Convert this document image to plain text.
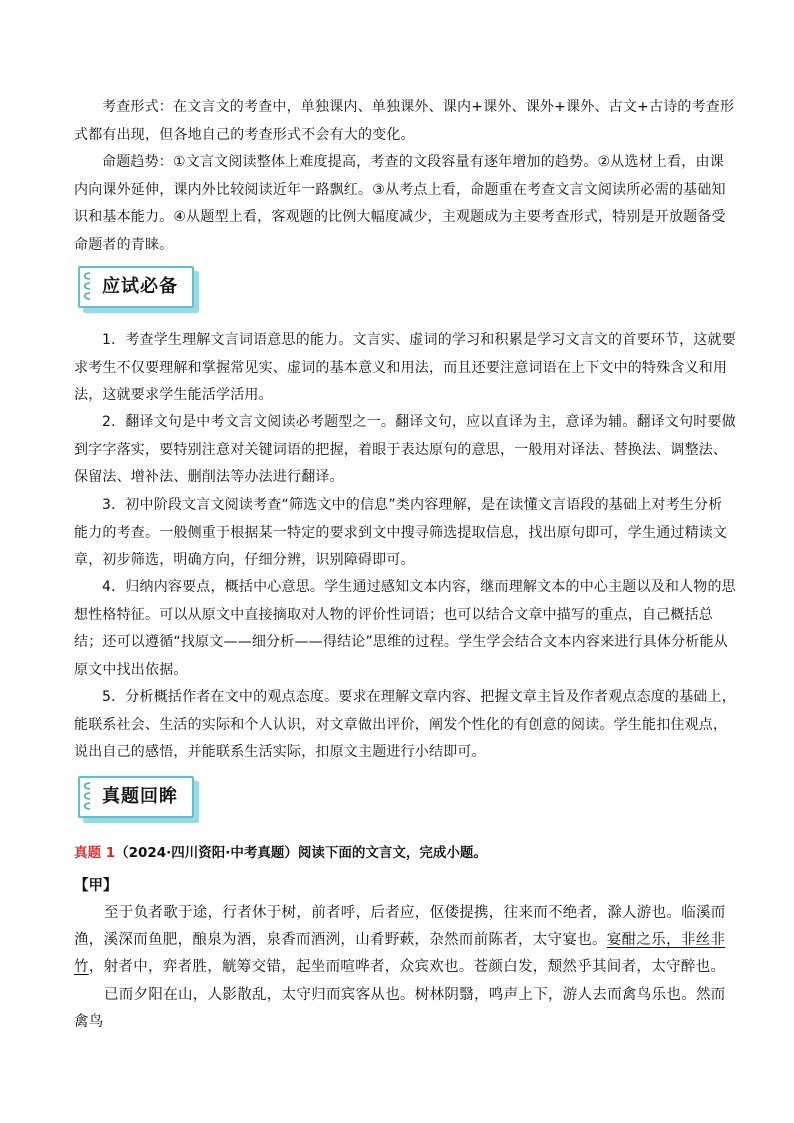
考查形式：在文言文的考查中，单独课内、单独课外、课内+课外、课外+课外、古文+古诗的考查形式都有出现，但各地自己的考查形式不会有大的变化。

命题趋势：①文言文阅读整体上难度提高，考查的文段容量有逐年增加的趋势。②从选材上看，由课内向课外延伸，课内外比较阅读近年一路飘红。③从考点上看，命题重在考查文言文阅读所必需的基础知识和基本能力。④从题型上看，客观题的比例大幅度减少，主观题成为主要考查形式，特别是开放题备受命题者的青睐。

应试必备

1．考查学生理解文言词语意思的能力。文言实、虚词的学习和积累是学习文言文的首要环节，这就要求考生不仅要理解和掌握常见实、虚词的基本意义和用法，而且还要注意词语在上下文中的特殊含义和用法，这就要求学生能活学活用。

2．翻译文句是中考文言文阅读必考题型之一。翻译文句，应以直译为主，意译为辅。翻译文句时要做到字字落实，要特别注意对关键词语的把握，着眼于表达原句的意思，一般用对译法、替换法、调整法、保留法、增补法、删削法等办法进行翻译。

3．初中阶段文言文阅读考查“筛选文中的信息”类内容理解，是在读懂文言语段的基础上对考生分析能力的考查。一般侧重于根据某一特定的要求到文中搜寻筛选提取信息，找出原句即可，学生通过精读文章，初步筛选，明确方向，仔细分辨，识别障碍即可。

4．归纳内容要点，概括中心意思。学生通过感知文本内容，继而理解文本的中心主题以及和人物的思想性格特征。可以从原文中直接摘取对人物的评价性词语；也可以结合文章中描写的重点，自己概括总结；还可以遵循“找原文——细分析——得结论”思维的过程。学生学会结合文本内容来进行具体分析能从原文中找出依据。

5．分析概括作者在文中的观点态度。要求在理解文章内容、把握文章主旨及作者观点态度的基础上，能联系社会、生活的实际和个人认识，对文章做出评价，阐发个性化的有创意的阅读。学生能扣住观点，说出自己的感悟，并能联系生活实际，扣原文主题进行小结即可。

真题回眸
真题 1（2024·四川资阳·中考真题）阅读下面的文言文，完成小题。
【甲】

至于负者歌于途，行者休于树，前者呼，后者应，伛偻提携，往来而不绝者，滁人游也。临溪而渔，溪深而鱼肥，酿泉为酒，泉香而酒洌，山肴野蔌，杂然而前陈者，太守宴也。宴酣之乐，非丝非竹，射者中，弈者胜，觥筹交错，起坐而喧哗者，众宾欢也。苍颜白发，颓然乎其间者，太守醉也。

已而夕阳在山，人影散乱，太守归而宾客从也。树林阴翳，鸣声上下，游人去而禽鸟乐也。然而禽鸟
